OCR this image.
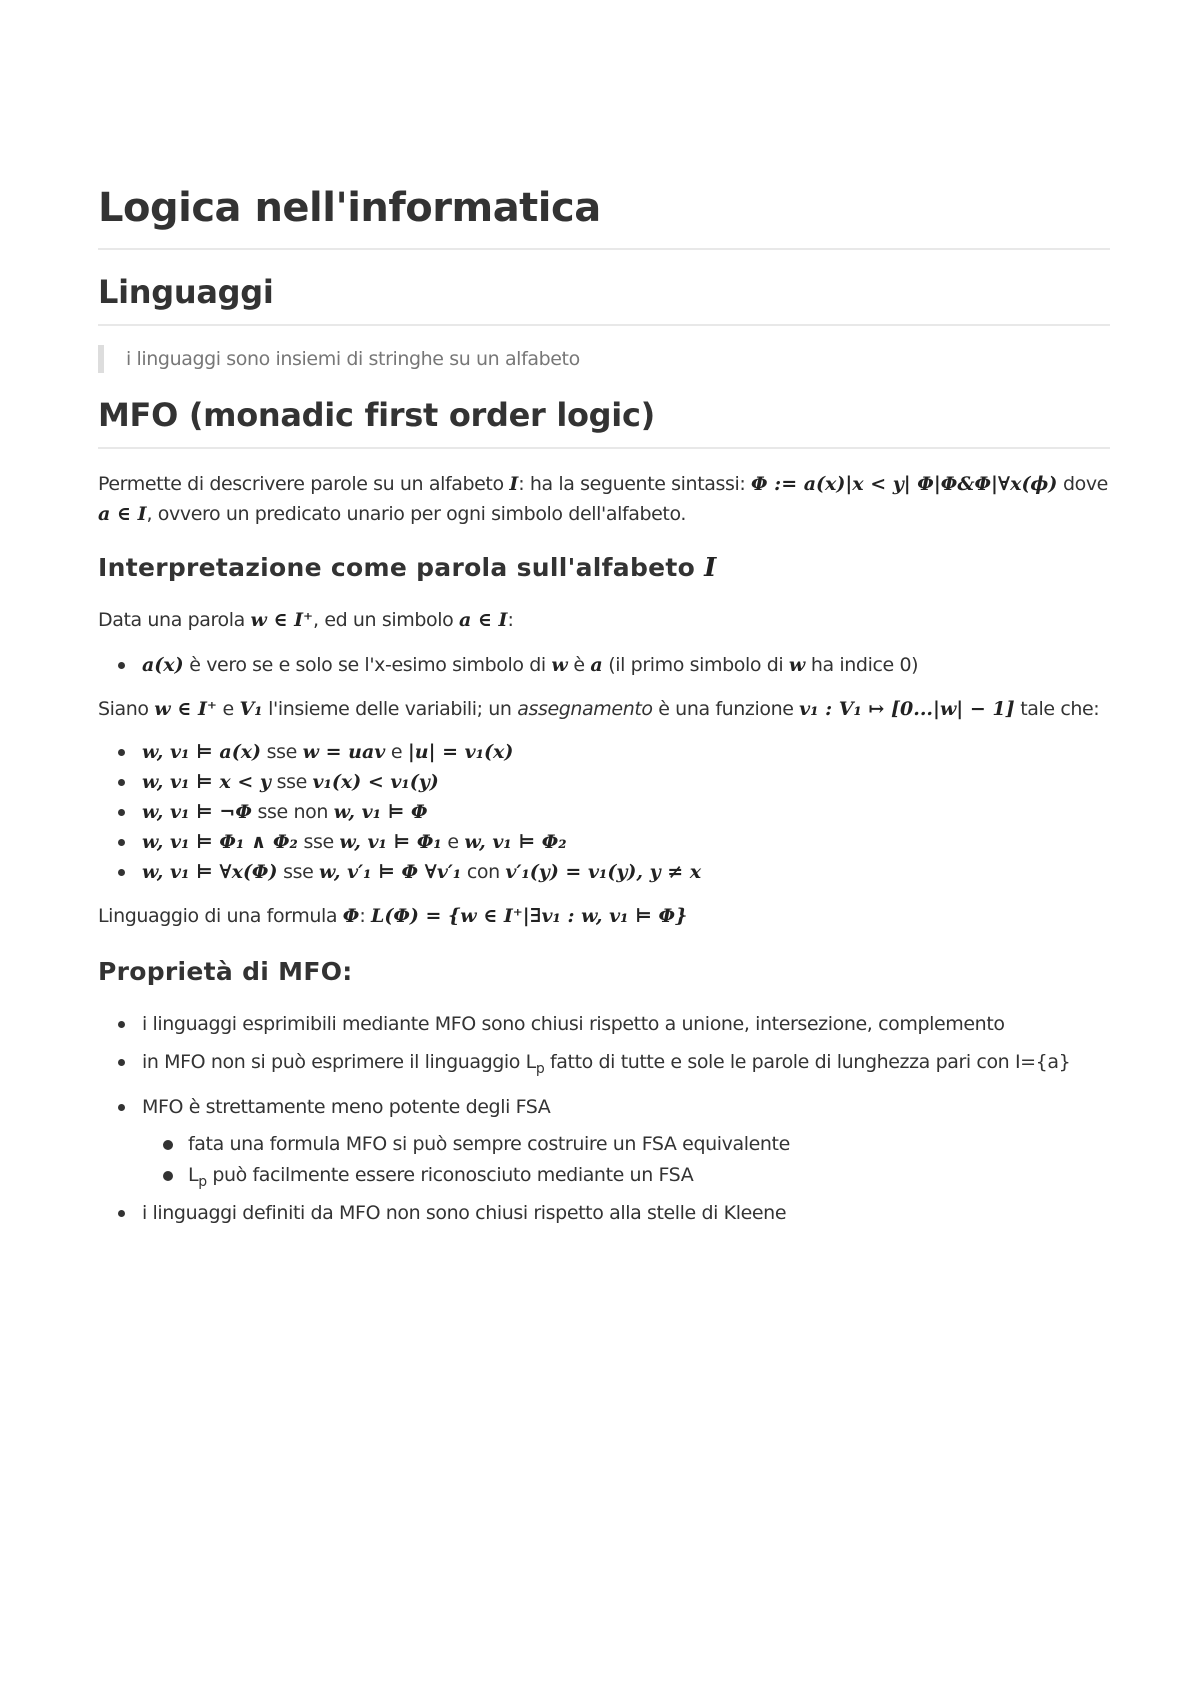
Logica nell'informatica
Linguaggi
i linguaggi sono insiemi di stringhe su un alfabeto
MFO (monadic first order logic)

Permette di descrivere parole su un alfabeto I: ha la seguente sintassi: Φ := a(x)|x < y| Φ|Φ&Φ|∀x(ϕ) dove
a ∈ I, ovvero un predicato unario per ogni simbolo dell'alfabeto.

Interpretazione come parola sull'alfabeto I

Data una parola w ∈ I⁺, ed un simbolo a ∈ I:

a(x) è vero se e solo se l'x-esimo simbolo di w è a (il primo simbolo di w ha indice 0)

Siano w ∈ I⁺ e V₁ l'insieme delle variabili; un assegnamento è una funzione v₁ : V₁ ↦ [0...|w| − 1] tale che:

w, v₁ ⊨ a(x) sse w = uav e |u| = v₁(x)
w, v₁ ⊨ x < y sse v₁(x) < v₁(y)
w, v₁ ⊨ ¬Φ sse non w, v₁ ⊨ Φ
w, v₁ ⊨ Φ₁ ∧ Φ₂ sse w, v₁ ⊨ Φ₁ e w, v₁ ⊨ Φ₂
w, v₁ ⊨ ∀x(Φ) sse w, v′₁ ⊨ Φ ∀v′₁ con v′₁(y) = v₁(y), y ≠ x

Linguaggio di una formula Φ: L(Φ) = {w ∈ I⁺|∃v₁ : w, v₁ ⊨ Φ}

Proprietà di MFO:
i linguaggi esprimibili mediante MFO sono chiusi rispetto a unione, intersezione, complemento
in MFO non si può esprimere il linguaggio $L_p$ fatto di tutte e sole le parole di lunghezza pari con I={a}
MFO è strettamente meno potente degli FSA
fata una formula MFO si può sempre costruire un FSA equivalente
$L_p$ può facilmente essere riconosciuto mediante un FSA
i linguaggi definiti da MFO non sono chiusi rispetto alla stelle di Kleene
